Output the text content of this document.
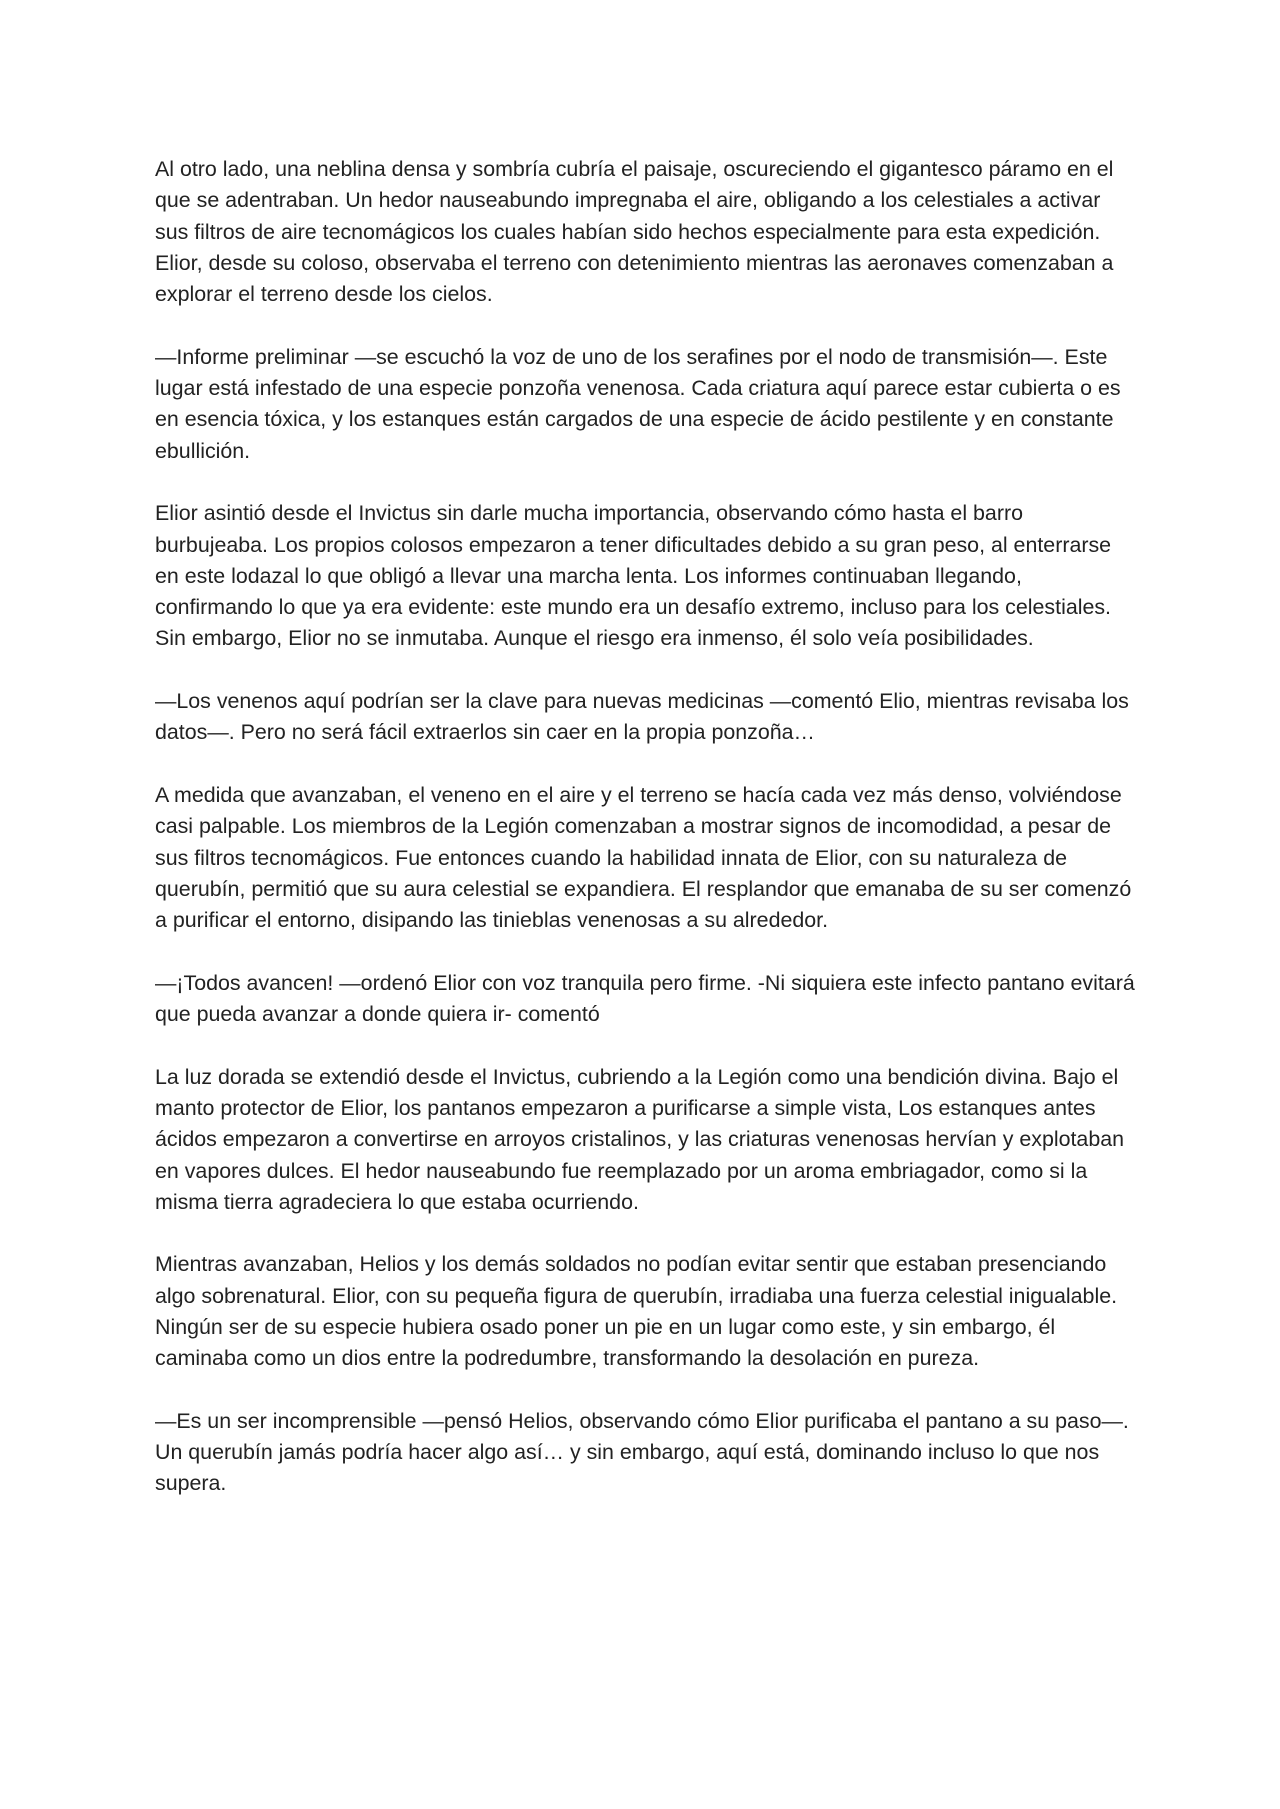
Al otro lado, una neblina densa y sombría cubría el paisaje, oscureciendo el gigantesco páramo en el que se adentraban. Un hedor nauseabundo impregnaba el aire, obligando a los celestiales a activar sus filtros de aire tecnomágicos los cuales habían sido hechos especialmente para esta expedición. Elior, desde su coloso, observaba el terreno con detenimiento mientras las aeronaves comenzaban a explorar el terreno desde los cielos.

—Informe preliminar —se escuchó la voz de uno de los serafines por el nodo de transmisión—. Este lugar está infestado de una especie ponzoña venenosa. Cada criatura aquí parece estar cubierta o es en esencia tóxica, y los estanques están cargados de una especie de ácido pestilente y en constante ebullición.

Elior asintió desde el Invictus sin darle mucha importancia, observando cómo hasta el barro burbujeaba. Los propios colosos empezaron a tener dificultades debido a su gran peso, al enterrarse en este lodazal lo que obligó a llevar una marcha lenta. Los informes continuaban llegando, confirmando lo que ya era evidente: este mundo era un desafío extremo, incluso para los celestiales. Sin embargo, Elior no se inmutaba. Aunque el riesgo era inmenso, él solo veía posibilidades.

—Los venenos aquí podrían ser la clave para nuevas medicinas —comentó Elio, mientras revisaba los datos—. Pero no será fácil extraerlos sin caer en la propia ponzoña…

A medida que avanzaban, el veneno en el aire y el terreno se hacía cada vez más denso, volviéndose casi palpable. Los miembros de la Legión comenzaban a mostrar signos de incomodidad, a pesar de sus filtros tecnomágicos. Fue entonces cuando la habilidad innata de Elior, con su naturaleza de querubín, permitió que su aura celestial se expandiera. El resplandor que emanaba de su ser comenzó a purificar el entorno, disipando las tinieblas venenosas a su alrededor.

—¡Todos avancen! —ordenó Elior con voz tranquila pero firme. -Ni siquiera este infecto pantano evitará que pueda avanzar a donde quiera ir- comentó

La luz dorada se extendió desde el Invictus, cubriendo a la Legión como una bendición divina. Bajo el manto protector de Elior, los pantanos empezaron a purificarse a simple vista, Los estanques antes ácidos empezaron a convertirse en arroyos cristalinos, y las criaturas venenosas hervían y explotaban en vapores dulces. El hedor nauseabundo fue reemplazado por un aroma embriagador, como si la misma tierra agradeciera lo que estaba ocurriendo.

Mientras avanzaban, Helios y los demás soldados no podían evitar sentir que estaban presenciando algo sobrenatural. Elior, con su pequeña figura de querubín, irradiaba una fuerza celestial inigualable. Ningún ser de su especie hubiera osado poner un pie en un lugar como este, y sin embargo, él caminaba como un dios entre la podredumbre, transformando la desolación en pureza.

—Es un ser incomprensible —pensó Helios, observando cómo Elior purificaba el pantano a su paso—. Un querubín jamás podría hacer algo así… y sin embargo, aquí está, dominando incluso lo que nos supera.
